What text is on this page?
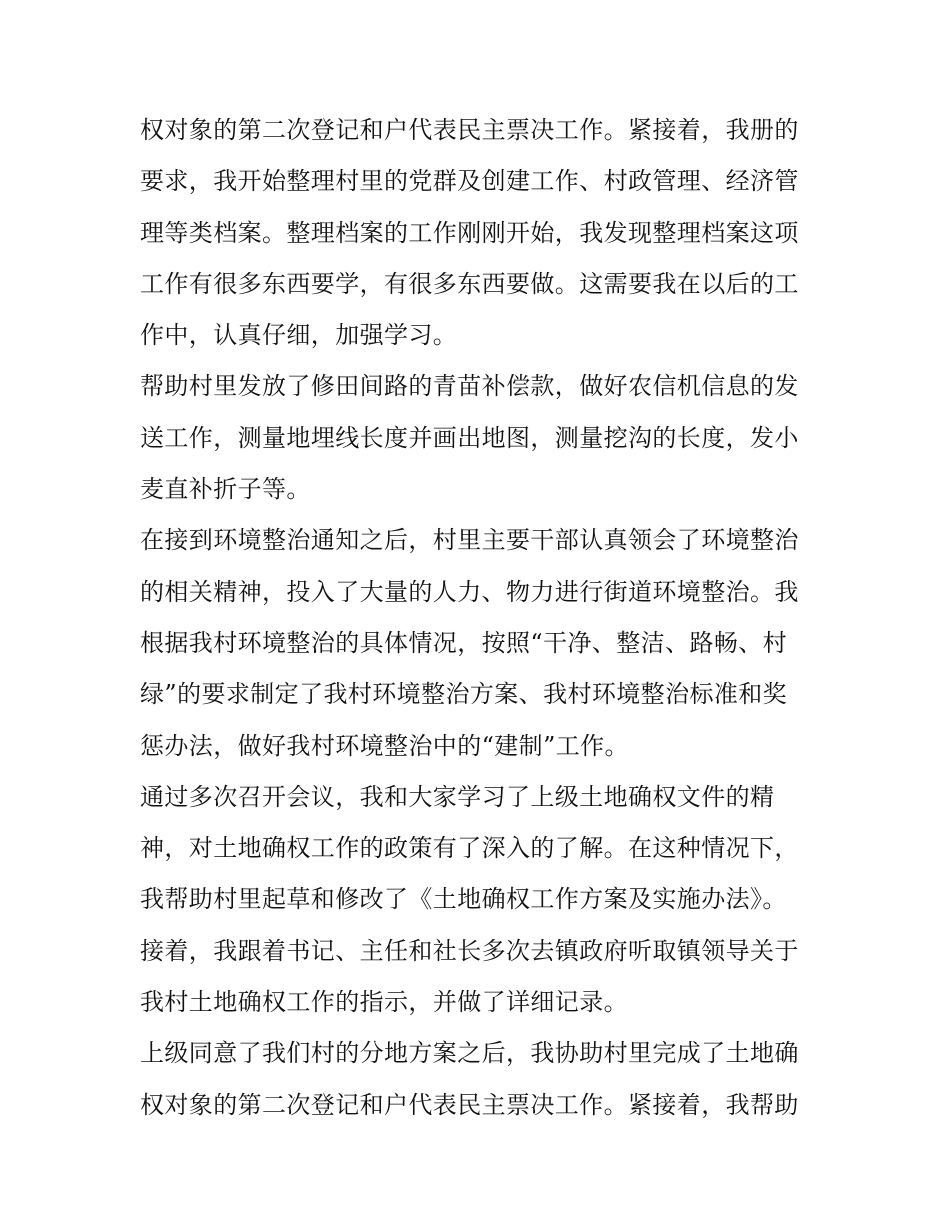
权对象的第二次登记和户代表民主票决工作。紧接着，我册的
要求，我开始整理村里的党群及创建工作、村政管理、经济管
理等类档案。整理档案的工作刚刚开始，我发现整理档案这项
工作有很多东西要学，有很多东西要做。这需要我在以后的工
作中，认真仔细，加强学习。
帮助村里发放了修田间路的青苗补偿款，做好农信机信息的发
送工作，测量地埋线长度并画出地图，测量挖沟的长度，发小
麦直补折子等。
在接到环境整治通知之后，村里主要干部认真领会了环境整治
的相关精神，投入了大量的人力、物力进行街道环境整治。我
根据我村环境整治的具体情况，按照“干净、整洁、路畅、村
绿”的要求制定了我村环境整治方案、我村环境整治标准和奖
惩办法，做好我村环境整治中的“建制”工作。
通过多次召开会议，我和大家学习了上级土地确权文件的精
神，对土地确权工作的政策有了深入的了解。在这种情况下，
我帮助村里起草和修改了《土地确权工作方案及实施办法》。
接着，我跟着书记、主任和社长多次去镇政府听取镇领导关于
我村土地确权工作的指示，并做了详细记录。
上级同意了我们村的分地方案之后，我协助村里完成了土地确
权对象的第二次登记和户代表民主票决工作。紧接着，我帮助
